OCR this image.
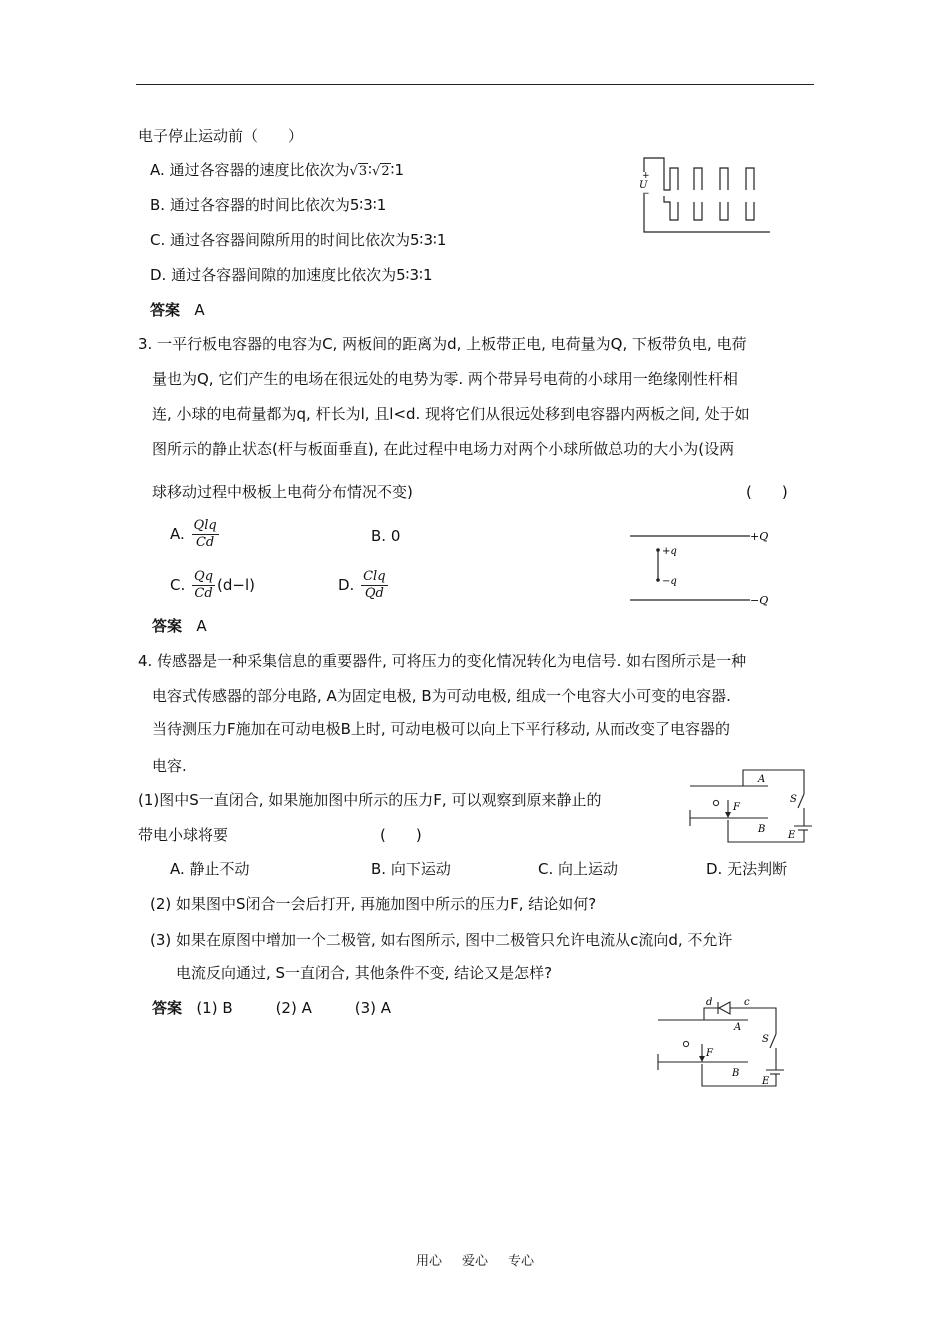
电子停止运动前（　　）
A. 通过各容器的速度比依次为√3∶√2∶1
B. 通过各容器的时间比依次为5∶3∶1
C. 通过各容器间隙所用的时间比依次为5∶3∶1
D. 通过各容器间隙的加速度比依次为5∶3∶1
答案 A
+
U
−
3. 一平行板电容器的电容为C, 两板间的距离为d, 上板带正电, 电荷量为Q, 下板带负电, 电荷
量也为Q, 它们产生的电场在很远处的电势为零. 两个带异号电荷的小球用一绝缘刚性杆相
连, 小球的电荷量都为q, 杆长为l, 且l<d. 现将它们从很远处移到电容器内两板之间, 处于如
图所示的静止状态(杆与板面垂直), 在此过程中电场力对两个小球所做总功的大小为(设两
球移动过程中极板上电荷分布情况不变)	(　　)
A. $\frac{\text{Qlq}}{Cd}$	B. 0
C. $\frac{Qq}{Cd} (d-l)$	D. $\frac{\text{Clq}}{Qd}$
答案 A
+Q
−Q
+q
−q
4. 传感器是一种采集信息的重要器件, 可将压力的变化情况转化为电信号. 如右图所示是一种
电容式传感器的部分电路, A为固定电极, B为可动电极, 组成一个电容大小可变的电容器.
当待测压力F施加在可动电极B上时, 可动电极可以向上下平行移动, 从而改变了电容器的
电容.
(1)图中S一直闭合, 如果施加图中所示的压力F, 可以观察到原来静止的
带电小球将要	(　　)
A. 静止不动	B. 向下运动	C. 向上运动	D. 无法判断
(2) 如果图中S闭合一会后打开, 再施加图中所示的压力F, 结论如何?
(3) 如果在原图中增加一个二极管, 如右图所示, 图中二极管只允许电流从c流向d, 不允许
电流反向通过, S一直闭合, 其他条件不变, 结论又是怎样?
答案 (1) B	(2) A	(3) A
A
B
F
S
E
d	c
A
B
F
S
E
用心 爱心 专心
